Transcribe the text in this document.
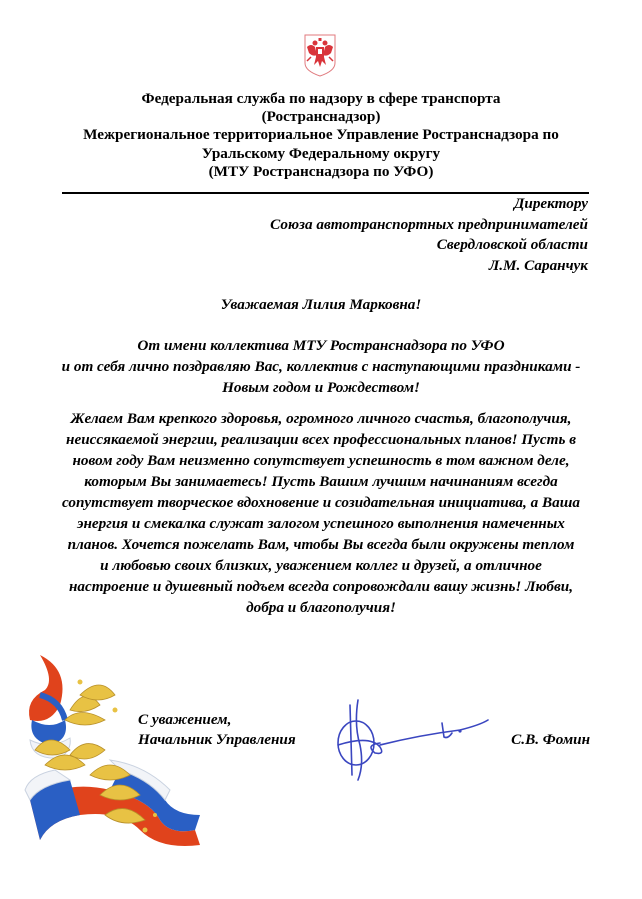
Федеральная служба по надзору в сфере транспорта
(Ространснадзор)
Межрегиональное территориальное Управление Ространснадзора по
Уральскому Федеральному округу
(МТУ Ространснадзора по УФО)
Директору
Союза автотранспортных предпринимателей
Свердловской области
Л.М. Саранчук
Уважаемая Лилия Марковна!
От имени коллектива МТУ Ространснадзора по УФО
и от себя лично поздравляю Вас, коллектив с наступающими праздниками -
Новым годом и Рождеством!
Желаем Вам крепкого здоровья, огромного личного счастья, благополучия,
неиссякаемой энергии, реализации всех профессиональных планов! Пусть в
новом году Вам неизменно сопутствует успешность в том важном деле,
которым Вы занимаетесь! Пусть Вашим лучшим начинаниям всегда
сопутствует творческое вдохновение и созидательная инициатива, а Ваша
энергия и смекалка служат залогом успешного выполнения намеченных
планов. Хочется пожелать Вам, чтобы Вы всегда были окружены теплом
и любовью своих близких, уважением коллег и друзей, а отличное
настроение и душевный подъем всегда сопровождали вашу жизнь! Любви,
добра и благополучия!
С уважением,
Начальник Управления	С.В. Фомин
